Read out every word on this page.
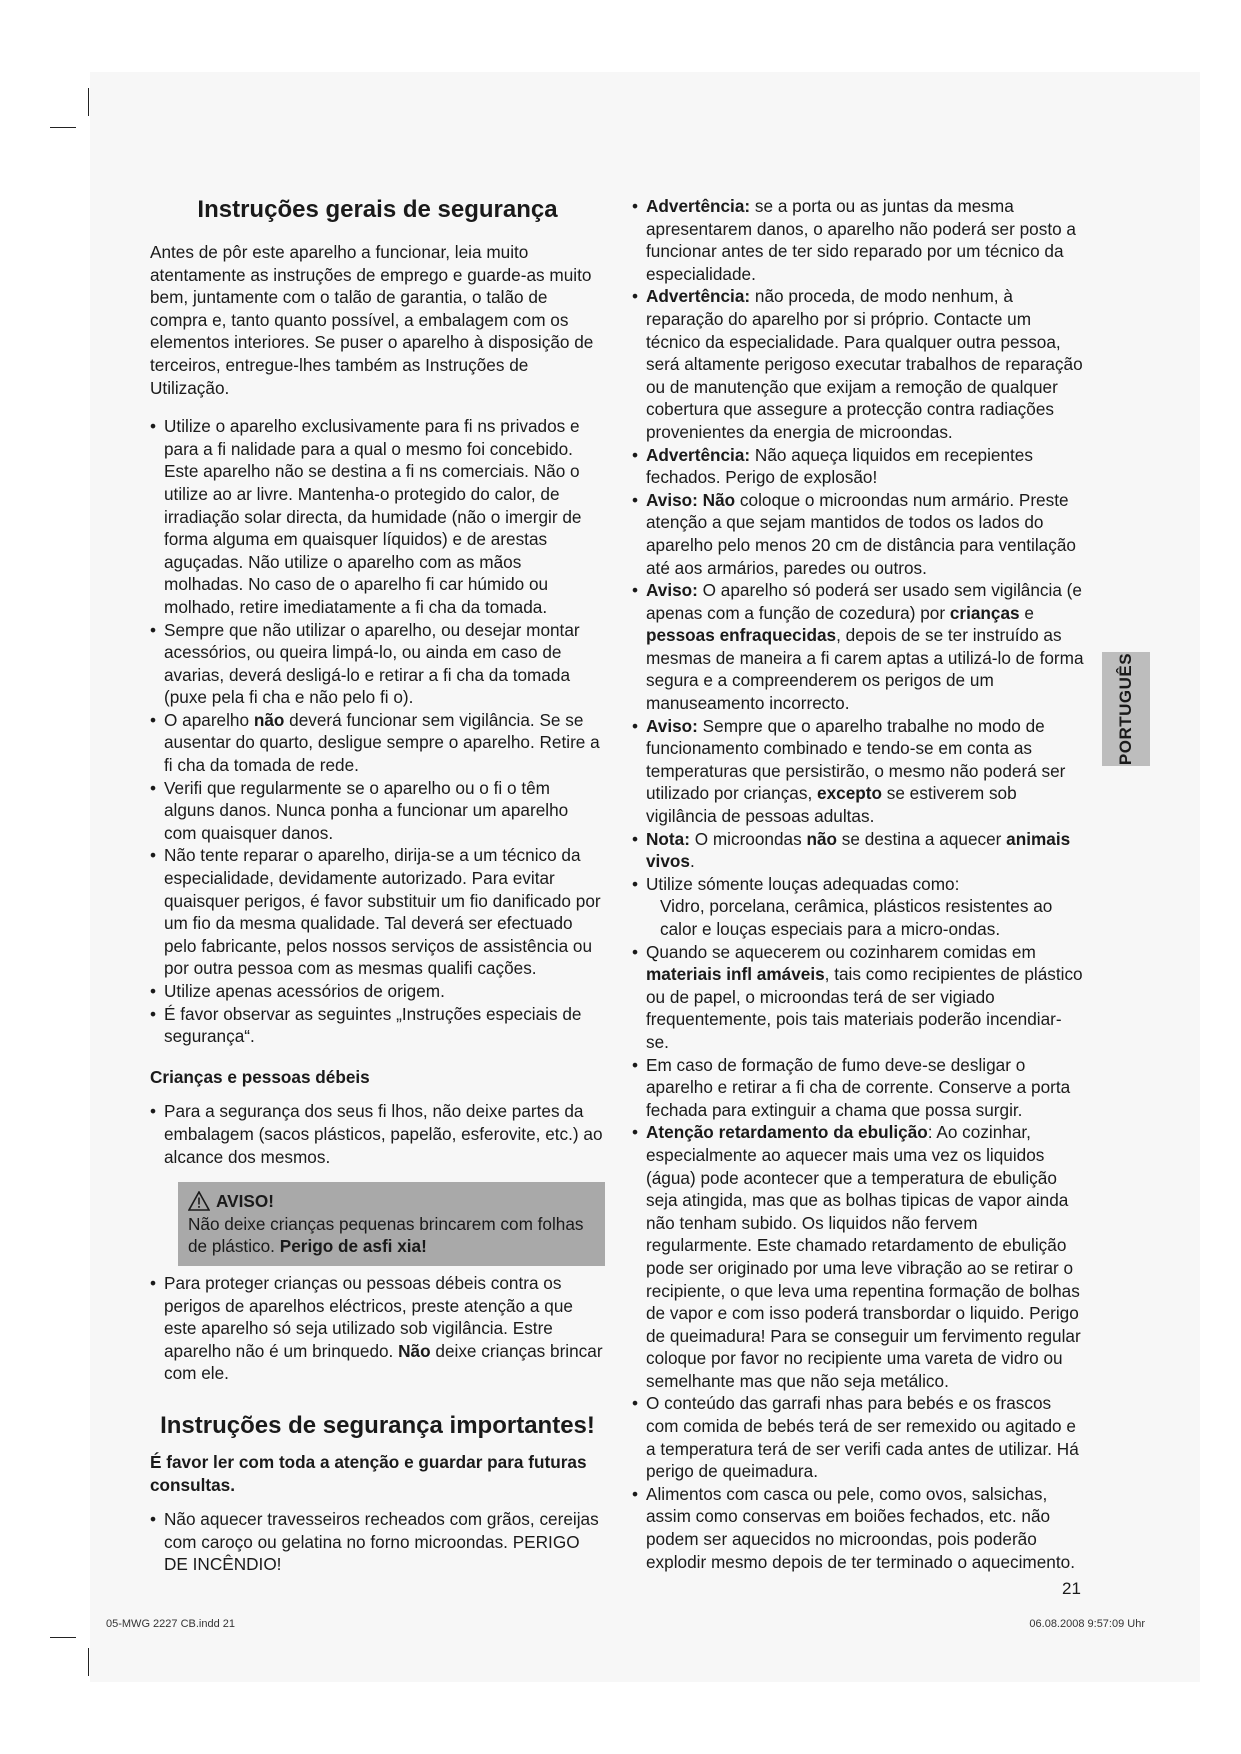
Instruções gerais de segurança

Antes de pôr este aparelho a funcionar, leia muito atentamente as instruções de emprego e guarde-as muito bem, juntamente com o talão de garantia, o talão de compra e, tanto quanto possível, a embalagem com os elementos interiores. Se puser o aparelho à disposição de terceiros, entregue-lhes também as Instruções de Utilização.

• Utilize o aparelho exclusivamente para fi ns privados e para a fi nalidade para a qual o mesmo foi concebido. Este aparelho não se destina a fi ns comerciais. Não o utilize ao ar livre. Mantenha-o protegido do calor, de irradiação solar directa, da humidade (não o imergir de forma alguma em quaisquer líquidos) e de arestas aguçadas. Não utilize o aparelho com as mãos molhadas. No caso de o aparelho fi car húmido ou molhado, retire imediatamente a fi cha da tomada.
• Sempre que não utilizar o aparelho, ou desejar montar acessórios, ou queira limpá-lo, ou ainda em caso de avarias, deverá desligá-lo e retirar a fi cha da tomada (puxe pela fi cha e não pelo fi o).
• O aparelho não deverá funcionar sem vigilância. Se se ausentar do quarto, desligue sempre o aparelho. Retire a fi cha da tomada de rede.
• Verifi que regularmente se o aparelho ou o fi o têm alguns danos. Nunca ponha a funcionar um aparelho com quaisquer danos.
• Não tente reparar o aparelho, dirija-se a um técnico da especialidade, devidamente autorizado. Para evitar quaisquer perigos, é favor substituir um fio danificado por um fio da mesma qualidade. Tal deverá ser efectuado pelo fabricante, pelos nossos serviços de assistência ou por outra pessoa com as mesmas qualifi cações.
• Utilize apenas acessórios de origem.
• É favor observar as seguintes „Instruções especiais de segurança“.
Crianças e pessoas débeis
• Para a segurança dos seus fi lhos, não deixe partes da embalagem (sacos plásticos, papelão, esferovite, etc.) ao alcance dos mesmos.
AVISO!

Não deixe crianças pequenas brincarem com folhas de plástico. Perigo de asfi xia!

• Para proteger crianças ou pessoas débeis contra os perigos de aparelhos eléctricos, preste atenção a que este aparelho só seja utilizado sob vigilância. Estre aparelho não é um brinquedo. Não deixe crianças brincar com ele.
Instruções de segurança importantes!

É favor ler com toda a atenção e guardar para futuras consultas.

• Não aquecer travesseiros recheados com grãos, cereijas com caroço ou gelatina no forno microondas. PERIGO DE INCÊNDIO!
• Advertência: se a porta ou as juntas da mesma apresentarem danos, o aparelho não poderá ser posto a funcionar antes de ter sido reparado por um técnico da especialidade.
• Advertência: não proceda, de modo nenhum, à reparação do aparelho por si próprio. Contacte um técnico da especialidade. Para qualquer outra pessoa, será altamente perigoso executar trabalhos de reparação ou de manutenção que exijam a remoção de qualquer cobertura que assegure a protecção contra radiações provenientes da energia de microondas.
• Advertência: Não aqueça liquidos em recepientes fechados. Perigo de explosão!
• Aviso: Não coloque o microondas num armário. Preste atenção a que sejam mantidos de todos os lados do aparelho pelo menos 20 cm de distância para ventilação até aos armários, paredes ou outros.
• Aviso: O aparelho só poderá ser usado sem vigilância (e apenas com a função de cozedura) por crianças e pessoas enfraquecidas, depois de se ter instruído as mesmas de maneira a fi carem aptas a utilizá-lo de forma segura e a compreenderem os perigos de um manuseamento incorrecto.
• Aviso: Sempre que o aparelho trabalhe no modo de funcionamento combinado e tendo-se em conta as temperaturas que persistirão, o mesmo não poderá ser utilizado por crianças, excepto se estiverem sob vigilância de pessoas adultas.
• Nota: O microondas não se destina a aquecer animais vivos.
• Utilize sómente louças adequadas como:
Vidro, porcelana, cerâmica, plásticos resistentes ao calor e louças especiais para a micro-ondas.
• Quando se aquecerem ou cozinharem comidas em materiais infl amáveis, tais como recipientes de plástico ou de papel, o microondas terá de ser vigiado frequentemente, pois tais materiais poderão incendiar-se.
• Em caso de formação de fumo deve-se desligar o aparelho e retirar a fi cha de corrente. Conserve a porta fechada para extinguir a chama que possa surgir.
• Atenção retardamento da ebulição: Ao cozinhar, especialmente ao aquecer mais uma vez os liquidos (água) pode acontecer que a temperatura de ebulição seja atingida, mas que as bolhas tipicas de vapor ainda não tenham subido. Os liquidos não fervem regularmente. Este chamado retardamento de ebulição pode ser originado por uma leve vibração ao se retirar o recipiente, o que leva uma repentina formação de bolhas de vapor e com isso poderá transbordar o liquido. Perigo de queimadura! Para se conseguir um fervimento regular coloque por favor no recipiente uma vareta de vidro ou semelhante mas que não seja metálico.
• O conteúdo das garrafi nhas para bebés e os frascos com comida de bebés terá de ser remexido ou agitado e a temperatura terá de ser verifi cada antes de utilizar. Há perigo de queimadura.
• Alimentos com casca ou pele, como ovos, salsichas, assim como conservas em boiões fechados, etc. não podem ser aquecidos no microondas, pois poderão explodir mesmo depois de ter terminado o aquecimento.
PORTUGUÊS
21
05-MWG 2227 CB.indd 21	06.08.2008 9:57:09 Uhr
